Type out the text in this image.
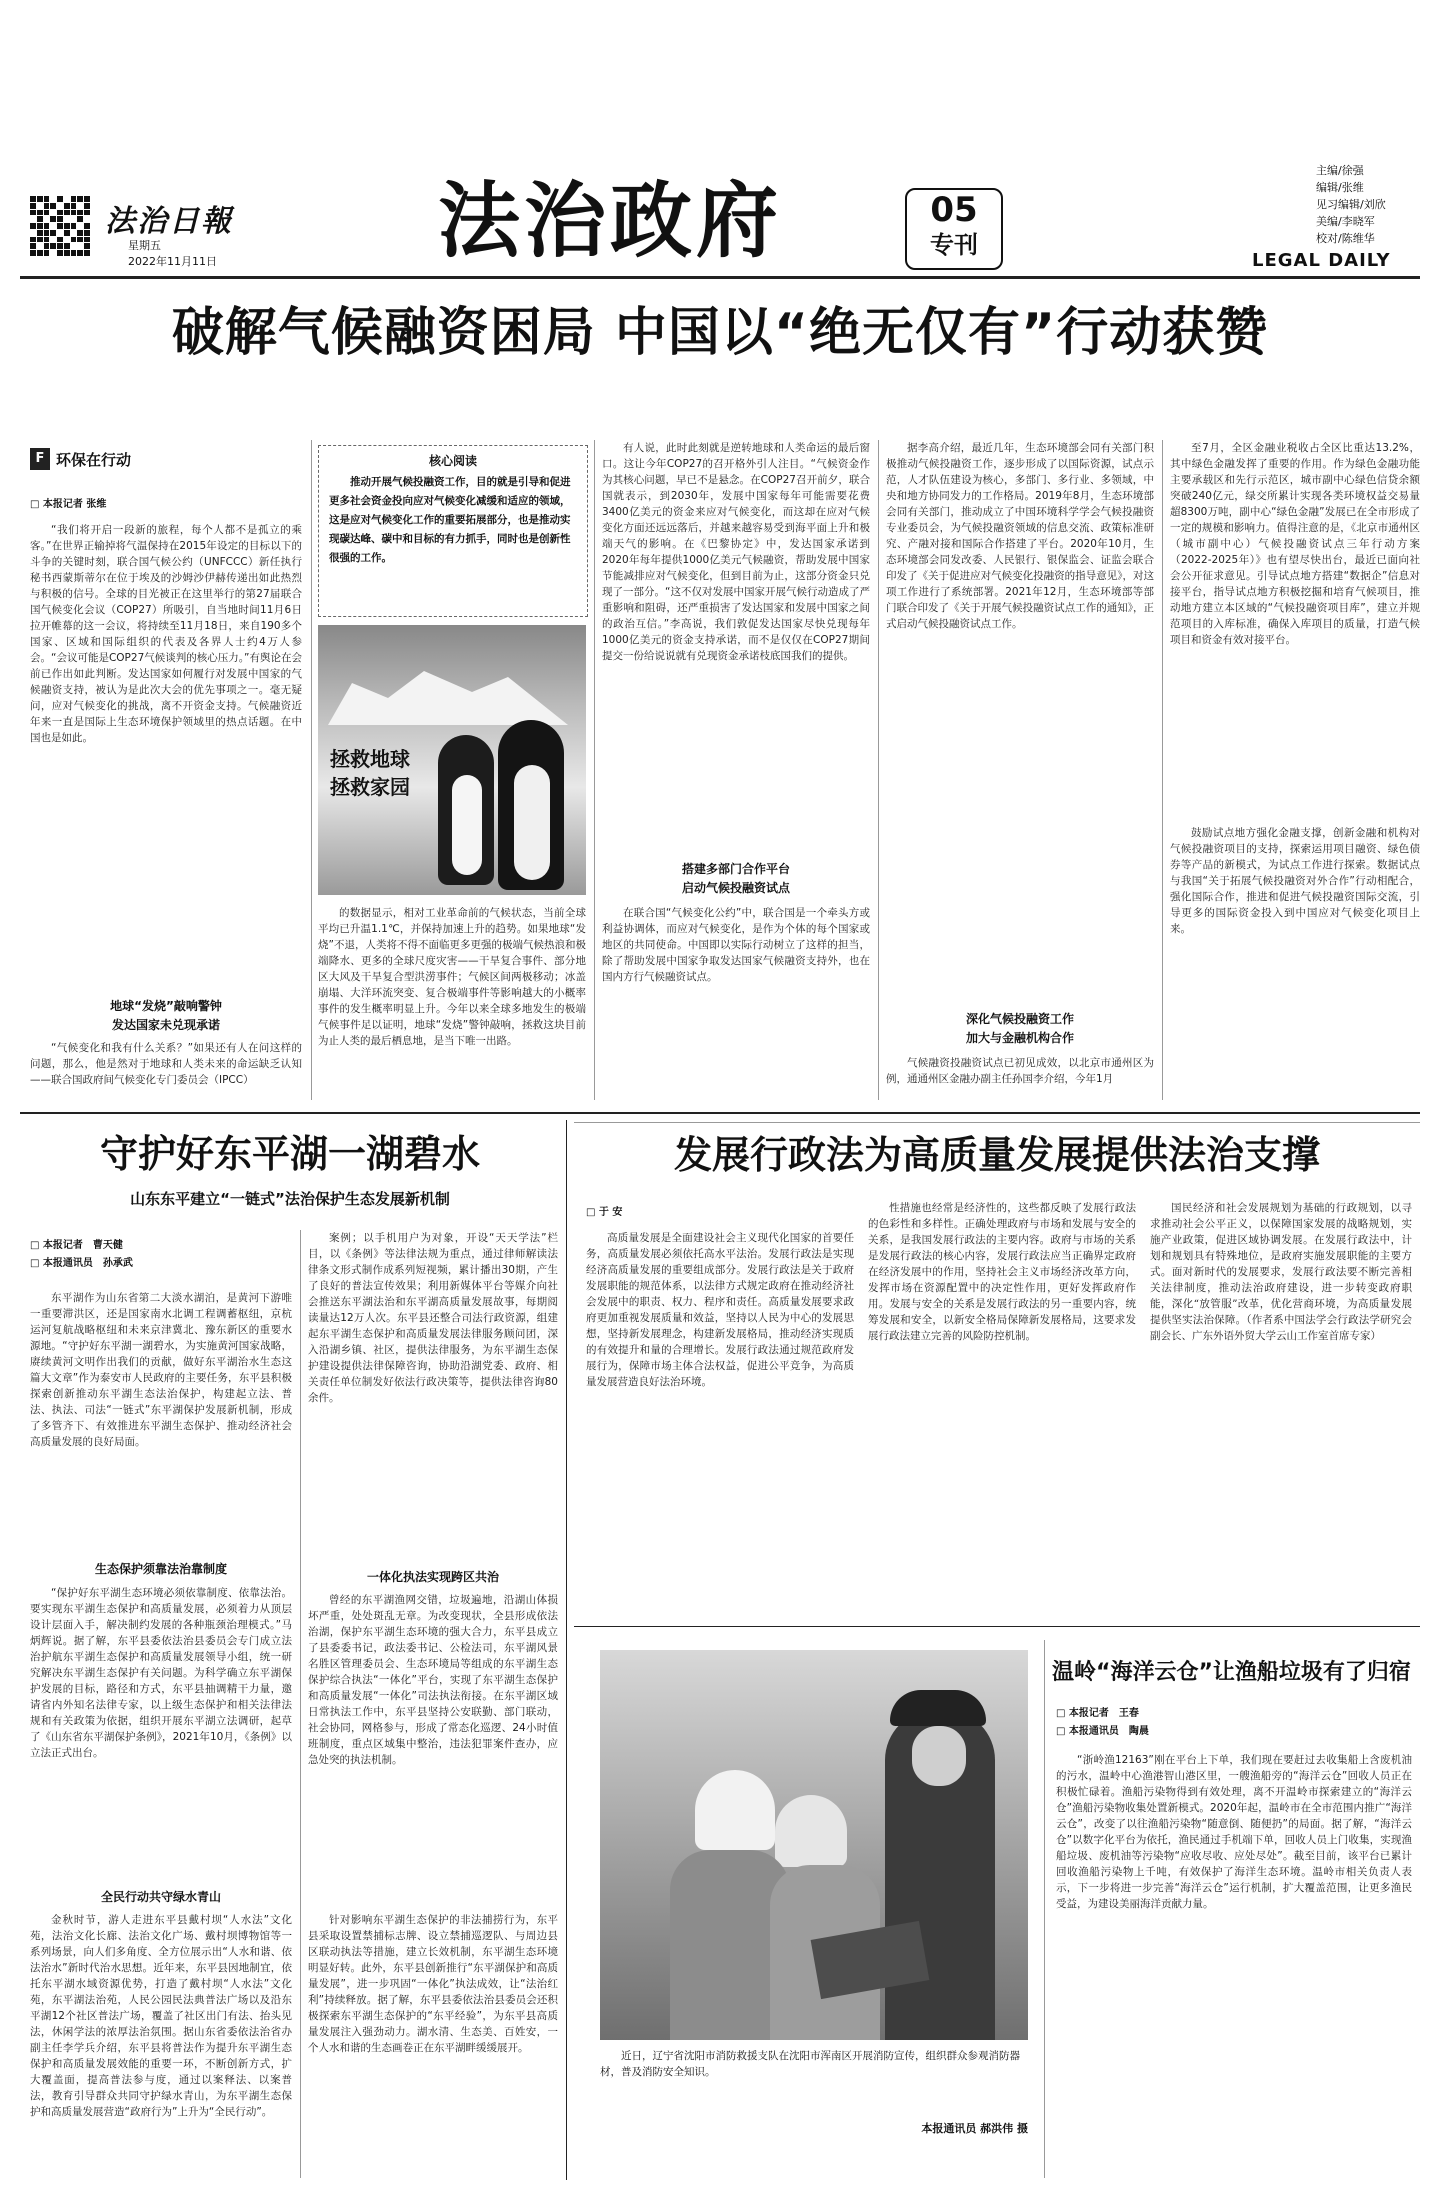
法治日報
星期五
2022年11月11日	法治政府	05
专刊
主编/徐强
编辑/张维
见习编辑/刘欣
美编/李晓军
校对/陈维华
LEGAL DAILY
破解气候融资困局 中国以“绝无仅有”行动获赞
F 环保在行动
□ 本报记者 张维

“我们将开启一段新的旅程，每个人都不是孤立的乘客。”在世界正输掉将气温保持在2015年设定的目标以下的斗争的关键时刻，联合国气候公约（UNFCCC）新任执行秘书西蒙斯蒂尔在位于埃及的沙姆沙伊赫传递出如此热烈与积极的信号。全球的目光被正在这里举行的第27届联合国气候变化会议（COP27）所吸引，自当地时间11月6日拉开帷幕的这一会议，将持续至11月18日，来自190多个国家、区域和国际组织的代表及各界人士约4万人参会。“会议可能是COP27气候谈判的核心压力。”有舆论在会前已作出如此判断。发达国家如何履行对发展中国家的气候融资支持，被认为是此次大会的优先事项之一。毫无疑问，应对气候变化的挑战，离不开资金支持。气候融资近年来一直是国际上生态环境保护领域里的热点话题。在中国也是如此。

地球“发烧”敲响警钟
发达国家未兑现承诺

“气候变化和我有什么关系？”如果还有人在问这样的问题，那么，他是然对于地球和人类未来的命运缺乏认知——联合国政府间气候变化专门委员会（IPCC）

核心阅读
推动开展气候投融资工作，目的就是引导和促进更多社会资金投向应对气候变化减缓和适应的领域，这是应对气候变化工作的重要拓展部分，也是推动实现碳达峰、碳中和目标的有力抓手，同时也是创新性很强的工作。
拯救地球 拯救家园

的数据显示，相对工业革命前的气候状态，当前全球平均已升温1.1℃，并保持加速上升的趋势。如果地球“发烧”不退，人类将不得不面临更多更强的极端气候热浪和极端降水、更多的全球尺度灾害——干旱复合事件、部分地区大风及干旱复合型洪涝事件；气候区间两极移动；冰盖崩塌、大洋环流突变、复合极端事件等影响越大的小概率事件的发生概率明显上升。今年以来全球多地发生的极端气候事件足以证明，地球“发烧”警钟敲响，拯救这块目前为止人类的最后栖息地，是当下唯一出路。

有人说，此时此刻就是逆转地球和人类命运的最后窗口。这让今年COP27的召开格外引人注目。“气候资金作为其核心问题，早已不是悬念。在COP27召开前夕，联合国就表示，到2030年，发展中国家每年可能需要花费3400亿美元的资金来应对气候变化，而这却在应对气候变化方面还远远落后，并越来越容易受到海平面上升和极端天气的影响。在《巴黎协定》中，发达国家承诺到2020年每年提供1000亿美元气候融资，帮助发展中国家节能减排应对气候变化，但到目前为止，这部分资金只兑现了一部分。“这不仅对发展中国家开展气候行动造成了严重影响和阻碍，还严重损害了发达国家和发展中国家之间的政治互信。”李高说，我们敦促发达国家尽快兑现每年1000亿美元的资金支持承诺，而不是仅仅在COP27期间提交一份给说说就有兑现资金承诺枝底国我们的提供。

搭建多部门合作平台
启动气候投融资试点

在联合国“气候变化公约”中，联合国是一个牵头方或利益协调体，而应对气候变化，是作为个体的每个国家或地区的共同使命。中国即以实际行动树立了这样的担当，除了帮助发展中国家争取发达国家气候融资支持外，也在国内方行气候融资试点。

据李高介绍，最近几年，生态环境部会同有关部门积极推动气候投融资工作，逐步形成了以国际资源，试点示范，人才队伍建设为核心，多部门、多行业、多领域，中央和地方协同发力的工作格局。2019年8月，生态环境部会同有关部门，推动成立了中国环境科学学会气候投融资专业委员会，为气候投融资领域的信息交流、政策标准研究、产融对接和国际合作搭建了平台。2020年10月，生态环境部会同发改委、人民银行、银保监会、证监会联合印发了《关于促进应对气候变化投融资的指导意见》，对这项工作进行了系统部署。2021年12月，生态环境部等部门联合印发了《关于开展气候投融资试点工作的通知》，正式启动气候投融资试点工作。

深化气候投融资工作
加大与金融机构合作

气候融资投融资试点已初见成效，以北京市通州区为例，通通州区金融办副主任孙国李介绍，今年1月

至7月，全区金融业税收占全区比重达13.2%，其中绿色金融发挥了重要的作用。作为绿色金融功能主要承载区和先行示范区，城市副中心绿色信贷余额突破240亿元，绿交所累计实现各类环境权益交易量超8300万吨，副中心“绿色金融”发展已在全市形成了一定的规模和影响力。值得注意的是，《北京市通州区（城市副中心）气候投融资试点三年行动方案（2022-2025年）》也有望尽快出台，最近已面向社会公开征求意见。引导试点地方搭建“数据企”信息对接平台，指导试点地方积极挖掘和培育气候项目，推动地方建立本区域的“气候投融资项目库”，建立并规范项目的入库标准，确保入库项目的质量，打造气候项目和资金有效对接平台。

鼓励试点地方强化金融支撑，创新金融和机构对气候投融资项目的支持，探索运用项目融资、绿色债券等产品的新模式，为试点工作进行探索。数据试点与我国“关于拓展气候投融资对外合作”行动相配合，强化国际合作，推进和促进气候投融资国际交流，引导更多的国际资金投入到中国应对气候变化项目上来。

守护好东平湖一湖碧水
山东东平建立“一链式”法治保护生态发展新机制
□ 本报记者　曹天健
□ 本报通讯员　孙承武

东平湖作为山东省第二大淡水湖泊，是黄河下游唯一重要滞洪区，还是国家南水北调工程调蓄枢纽，京杭运河复航战略枢纽和未来京津冀北、豫东新区的重要水源地。“守护好东平湖一湖碧水，为实施黄河国家战略，赓续黄河文明作出我们的贡献，做好东平湖治水生态这篇大文章”作为泰安市人民政府的主要任务，东平县积极探索创新推动东平湖生态法治保护，构建起立法、普法、执法、司法“一链式”东平湖保护发展新机制，形成了多管齐下、有效推进东平湖生态保护、推动经济社会高质量发展的良好局面。

生态保护须靠法治靠制度

“保护好东平湖生态环境必须依靠制度、依靠法治。要实现东平湖生态保护和高质量发展，必须着力从顶层设计层面入手，解决制约发展的各种瓶颈治理模式。”马炳辉说。据了解，东平县委依法治县委员会专门成立法治护航东平湖生态保护和高质量发展领导小组，统一研究解决东平湖生态保护有关问题。为科学确立东平湖保护发展的目标，路径和方式，东平县抽调精干力量，邀请省内外知名法律专家，以上级生态保护和相关法律法规和有关政策为依据，组织开展东平湖立法调研，起草了《山东省东平湖保护条例》，2021年10月，《条例》以立法正式出台。

全民行动共守绿水青山

金秋时节，游人走进东平县戴村坝“人水法”文化苑，法治文化长廊、法治文化广场、戴村坝博物馆等一系列场景，向人们多角度、全方位展示出“人水和谐、依法治水”新时代治水思想。近年来，东平县因地制宜，依托东平湖水域资源优势，打造了戴村坝“人水法”文化苑，东平湖法治苑，人民公园民法典普法广场以及沿东平湖12个社区普法广场，覆盖了社区出门有法、抬头见法，休闲学法的浓厚法治氛围。据山东省委依法治省办副主任李学兵介绍，东平县将普法作为提升东平湖生态保护和高质量发展效能的重要一环，不断创新方式，扩大覆盖面，提高普法参与度，通过以案释法、以案普法，教育引导群众共同守护绿水青山，为东平湖生态保护和高质量发展营造“政府行为”上升为“全民行动”。

案例；以手机用户为对象，开设“天天学法”栏目，以《条例》等法律法规为重点，通过律师解读法律条文形式制作成系列短视频，累计播出30期，产生了良好的普法宣传效果；利用新媒体平台等媒介向社会推送东平湖法治和东平湖高质量发展故事，每期阅读量达12万人次。东平县还整合司法行政资源，组建起东平湖生态保护和高质量发展法律服务顾问团，深入沿湖乡镇、社区，提供法律服务，为东平湖生态保护建设提供法律保障咨询，协助沿湖党委、政府、相关责任单位制发好依法行政决策等，提供法律咨询80余件。

一体化执法实现跨区共治

曾经的东平湖渔网交错，垃圾遍地，沿湖山体损坏严重，处处斑乱无章。为改变现状，全县形成依法治湖，保护东平湖生态环境的强大合力，东平县成立了县委委书记，政法委书记、公检法司，东平湖风景名胜区管理委员会、生态环境局等组成的东平湖生态保护综合执法“一体化”平台，实现了东平湖生态保护和高质量发展“一体化”司法执法衔接。在东平湖区域日常执法工作中，东平县坚持公安联勤、部门联动，社会协同，网格参与，形成了常态化巡逻、24小时值班制度，重点区域集中整治，违法犯罪案件查办，应急处突的执法机制。

针对影响东平湖生态保护的非法捕捞行为，东平县采取设置禁捕标志牌、设立禁捕巡逻队、与周边县区联动执法等措施，建立长效机制，东平湖生态环境明显好转。此外，东平县创新推行“东平湖保护和高质量发展”，进一步巩固“一体化”执法成效，让“法治红利”持续释放。据了解，东平县委依法治县委员会还积极探索东平湖生态保护的“东平经验”，为东平县高质量发展注入强劲动力。湖水清、生态美、百姓安，一个人水和谐的生态画卷正在东平湖畔缓缓展开。

发展行政法为高质量发展提供法治支撑
□ 于 安

高质量发展是全面建设社会主义现代化国家的首要任务，高质量发展必须依托高水平法治。发展行政法是实现经济高质量发展的重要组成部分。发展行政法是关于政府发展职能的规范体系，以法律方式规定政府在推动经济社会发展中的职责、权力、程序和责任。高质量发展要求政府更加重视发展质量和效益，坚持以人民为中心的发展思想，坚持新发展理念，构建新发展格局，推动经济实现质的有效提升和量的合理增长。发展行政法通过规范政府发展行为，保障市场主体合法权益，促进公平竞争，为高质量发展营造良好法治环境。

性措施也经常是经济性的，这些都反映了发展行政法的色彩性和多样性。正确处理政府与市场和发展与安全的关系，是我国发展行政法的主要内容。政府与市场的关系是发展行政法的核心内容，发展行政法应当正确界定政府在经济发展中的作用，坚持社会主义市场经济改革方向，发挥市场在资源配置中的决定性作用，更好发挥政府作用。发展与安全的关系是发展行政法的另一重要内容，统筹发展和安全，以新安全格局保障新发展格局，这要求发展行政法建立完善的风险防控机制。

国民经济和社会发展规划为基础的行政规划，以寻求推动社会公平正义，以保障国家发展的战略规划，实施产业政策，促进区域协调发展。在发展行政法中，计划和规划具有特殊地位，是政府实施发展职能的主要方式。面对新时代的发展要求，发展行政法要不断完善相关法律制度，推动法治政府建设，进一步转变政府职能，深化“放管服”改革，优化营商环境，为高质量发展提供坚实法治保障。（作者系中国法学会行政法学研究会副会长、广东外语外贸大学云山工作室首席专家）

近日，辽宁省沈阳市消防救援支队在沈阳市浑南区开展消防宣传，组织群众参观消防器材，普及消防安全知识。
本报通讯员 郝洪伟 摄
温岭“海洋云仓”让渔船垃圾有了归宿
□ 本报记者　王春
□ 本报通讯员　陶晨

“浙岭渔12163”刚在平台上下单，我们现在要赶过去收集船上含废机油的污水，温岭中心渔港智山港区里，一艘渔船旁的“海洋云仓”回收人员正在积极忙碌着。渔船污染物得到有效处理，离不开温岭市探索建立的“海洋云仓”渔船污染物收集处置新模式。2020年起，温岭市在全市范围内推广“海洋云仓”，改变了以往渔船污染物“随意倒、随便扔”的局面。据了解，“海洋云仓”以数字化平台为依托，渔民通过手机端下单，回收人员上门收集，实现渔船垃圾、废机油等污染物“应收尽收、应处尽处”。截至目前，该平台已累计回收渔船污染物上千吨，有效保护了海洋生态环境。温岭市相关负责人表示，下一步将进一步完善“海洋云仓”运行机制，扩大覆盖范围，让更多渔民受益，为建设美丽海洋贡献力量。
